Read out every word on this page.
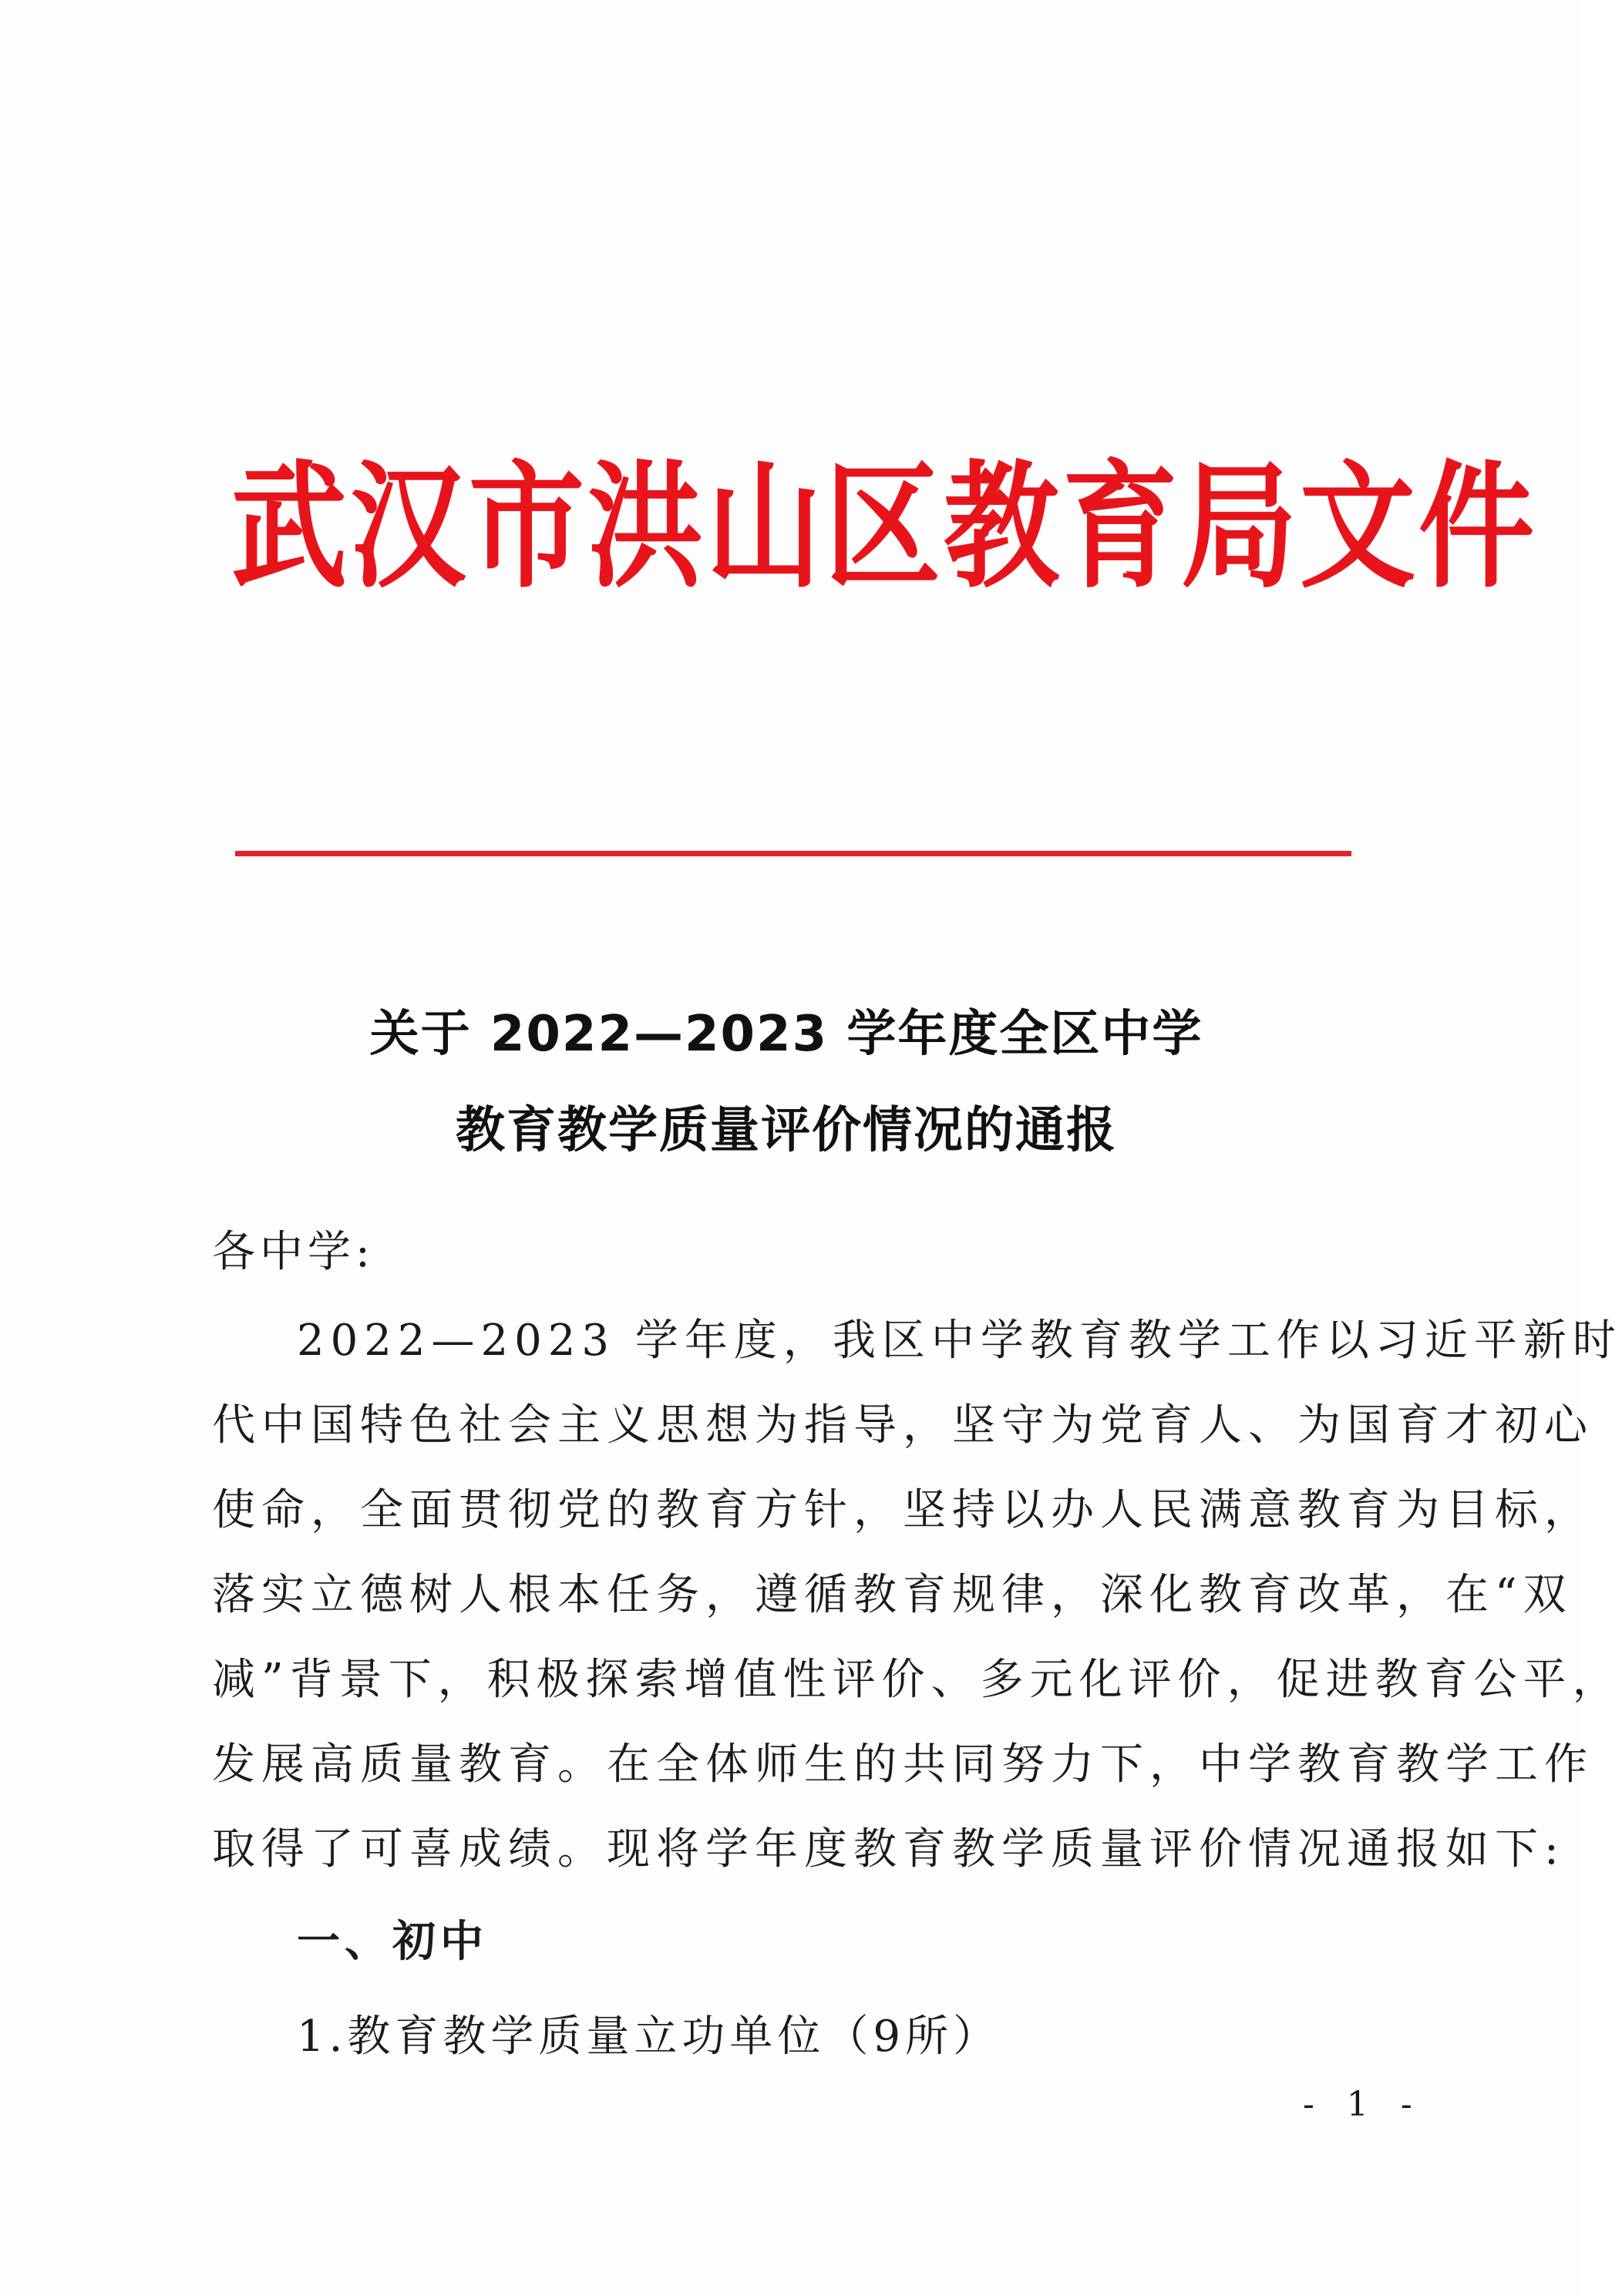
武汉市洪山区教育局文件
关于 2022—2023 学年度全区中学
教育教学质量评价情况的通报
各中学:
2022—2023 学年度，我区中学教育教学工作以习近平新时
代中国特色社会主义思想为指导，坚守为党育人、为国育才初心
使命，全面贯彻党的教育方针，坚持以办人民满意教育为目标，
落实立德树人根本任务，遵循教育规律，深化教育改革，在“双
减”背景下，积极探索增值性评价、多元化评价，促进教育公平，
发展高质量教育。在全体师生的共同努力下，中学教育教学工作
取得了可喜成绩。现将学年度教育教学质量评价情况通报如下:
一、初中
1.教育教学质量立功单位（9所）
- 1 -
